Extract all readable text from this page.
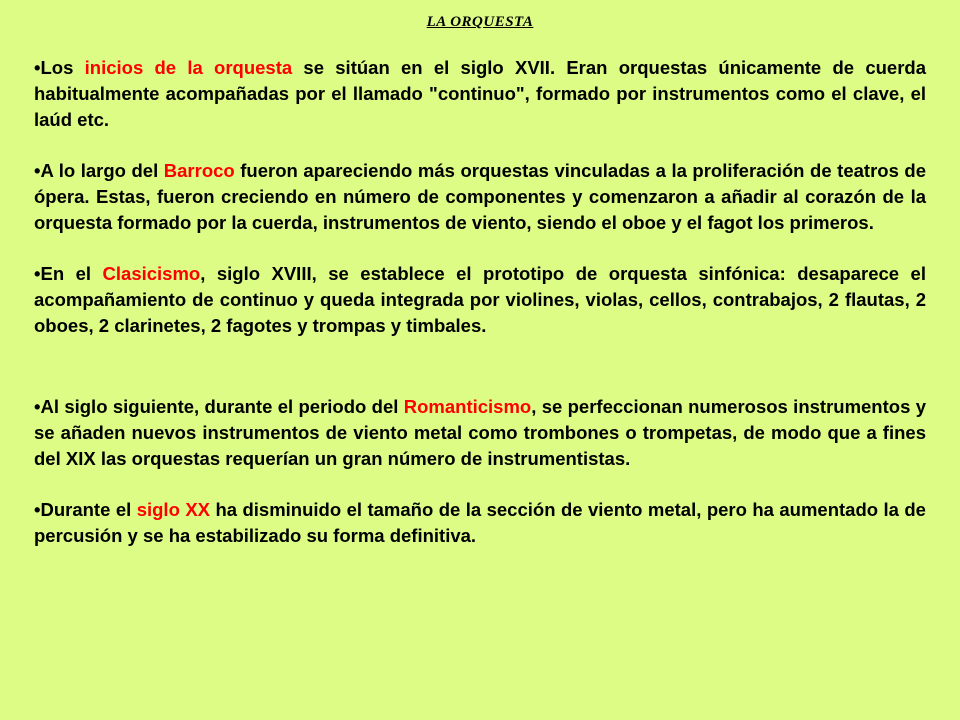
LA ORQUESTA

•Los inicios de la orquesta se sitúan en el siglo XVII. Eran orquestas únicamente de cuerda habitualmente acompañadas por el llamado "continuo", formado por instrumentos como el clave, el laúd etc.

•A lo largo del Barroco fueron apareciendo más orquestas vinculadas a la proliferación de teatros de ópera. Estas, fueron creciendo en número de componentes y comenzaron a añadir al corazón de la orquesta formado por la cuerda, instrumentos de viento, siendo el oboe y el fagot los primeros.

•En el Clasicismo, siglo XVIII, se establece el prototipo de orquesta sinfónica: desaparece el acompañamiento de continuo y queda integrada por violines, violas, cellos, contrabajos, 2 flautas, 2 oboes, 2 clarinetes, 2 fagotes y trompas y timbales.

•Al siglo siguiente, durante el periodo del Romanticismo, se perfeccionan numerosos instrumentos y se añaden nuevos instrumentos de viento metal como trombones o trompetas, de modo que a fines del XIX las orquestas requerían un gran número de instrumentistas.

•Durante el siglo XX ha disminuido el tamaño de la sección de viento metal, pero ha aumentado la de percusión y se ha estabilizado su forma definitiva.
